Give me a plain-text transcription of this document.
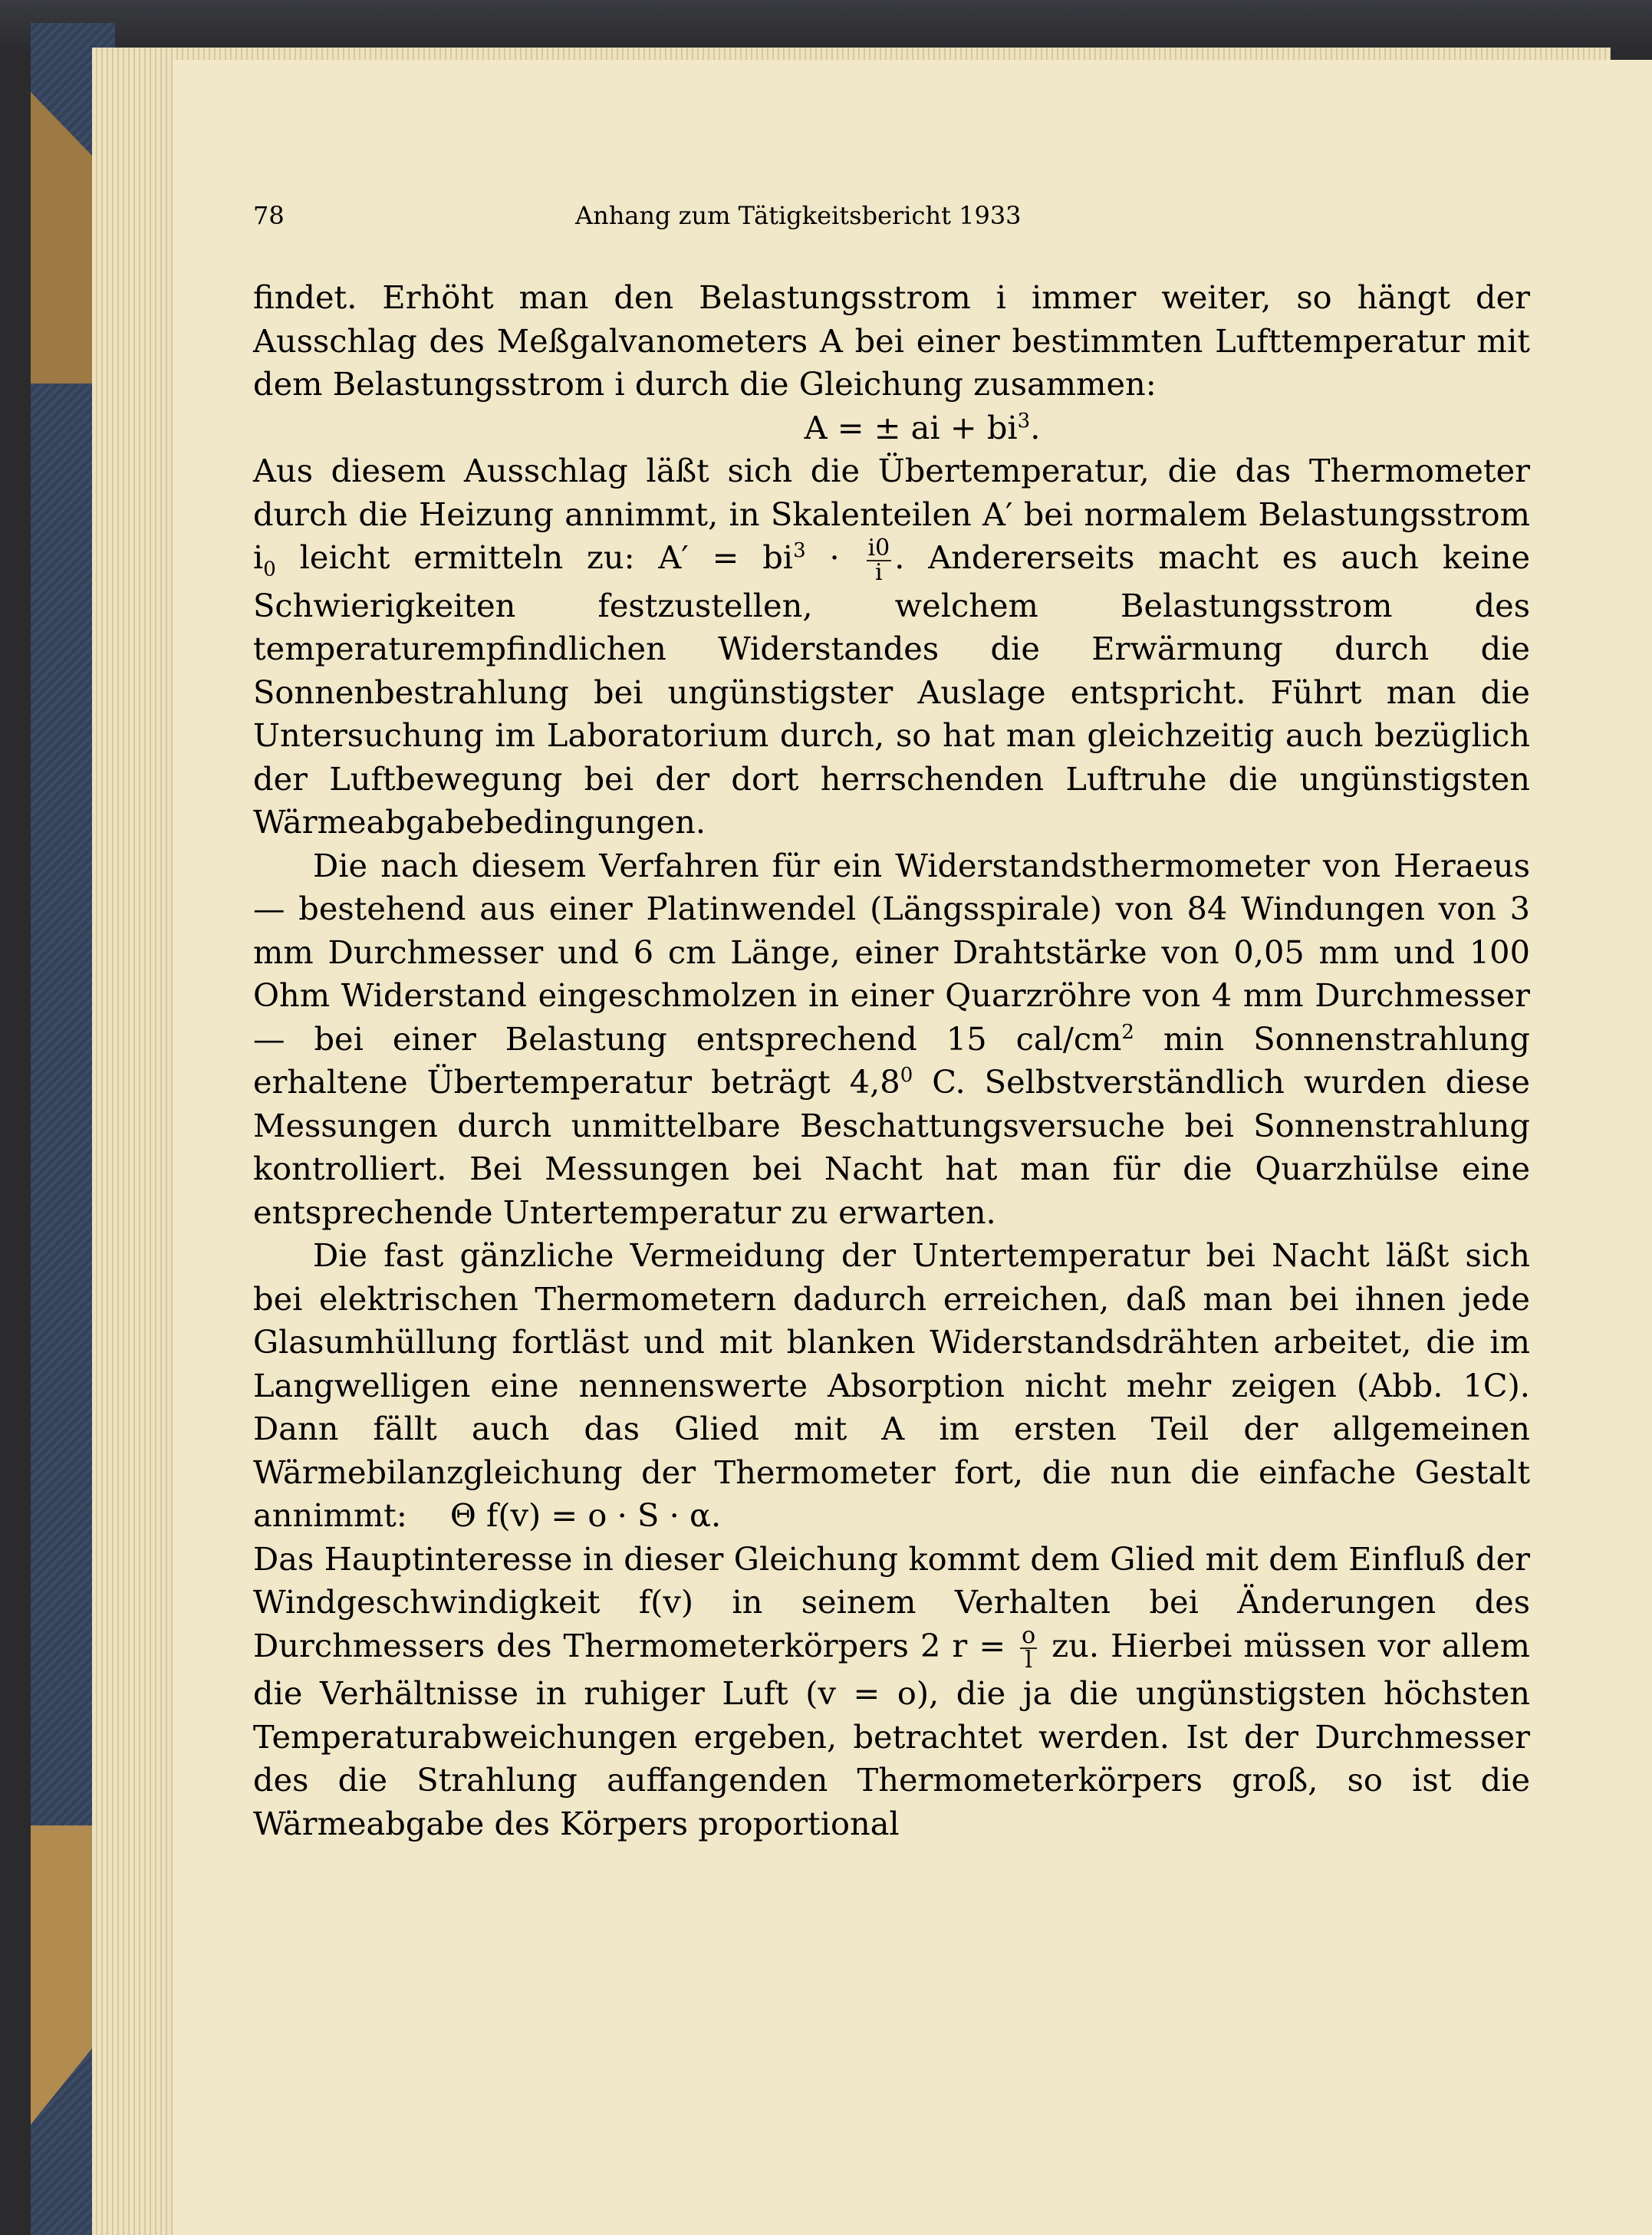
78	Anhang zum Tätigkeitsbericht 1933

findet. Erhöht man den Belastungsstrom i immer weiter, so hängt der Ausschlag des Meßgalvanometers A bei einer bestimmten Lufttemperatur mit dem Belastungsstrom i durch die Gleichung zusammen:

A = ± ai + $bi^3$.

Aus diesem Ausschlag läßt sich die Übertemperatur, die das Thermometer durch die Heizung annimmt, in Skalenteilen A′ bei normalem Belastungsstrom $i_0$ leicht ermitteln zu: $A' = bi^3 \cdot \frac{i0}{i}$ . Andererseits macht es auch keine Schwierigkeiten festzustellen, welchem Belastungsstrom des temperaturempfindlichen Widerstandes die Erwärmung durch die Sonnenbestrahlung bei ungünstigster Auslage entspricht. Führt man die Untersuchung im Laboratorium durch, so hat man gleichzeitig auch bezüglich der Luftbewegung bei der dort herrschenden Luftruhe die ungünstigsten Wärmeabgabebedingungen.

Die nach diesem Verfahren für ein Widerstandsthermometer von Heraeus — bestehend aus einer Platinwendel (Längsspirale) von 84 Windungen von 3 mm Durchmesser und 6 cm Länge, einer Drahtstärke von 0,05 mm und 100 Ohm Widerstand eingeschmolzen in einer Quarzröhre von 4 mm Durchmesser — bei einer Belastung entsprechend 15 cal/$cm^2$ min Sonnenstrahlung erhaltene Übertemperatur beträgt $4,8^0$ C. Selbstverständlich wurden diese Messungen durch unmittelbare Beschattungsversuche bei Sonnenstrahlung kontrolliert. Bei Messungen bei Nacht hat man für die Quarzhülse eine entsprechende Untertemperatur zu erwarten.

Die fast gänzliche Vermeidung der Untertemperatur bei Nacht läßt sich bei elektrischen Thermometern dadurch erreichen, daß man bei ihnen jede Glasumhüllung fortläst und mit blanken Widerstandsdrähten arbeitet, die im Langwelligen eine nennenswerte Absorption nicht mehr zeigen (Abb. 1C). Dann fällt auch das Glied mit A im ersten Teil der allgemeinen Wärmebilanzgleichung der Thermometer fort, die nun die einfache Gestalt annimmt: Θ f(v) = o · S · α.

Das Hauptinteresse in dieser Gleichung kommt dem Glied mit dem Einfluß der Windgeschwindigkeit f(v) in seinem Verhalten bei Änderungen des Durchmessers des Thermometerkörpers 2 $r = \frac{o}{l}$ zu. Hierbei müssen vor allem die Verhältnisse in ruhiger Luft (v = o), die ja die ungünstigsten höchsten Temperaturabweichungen ergeben, betrachtet werden. Ist der Durchmesser des die Strahlung auffangenden Thermometerkörpers groß, so ist die Wärmeabgabe des Körpers proportional
